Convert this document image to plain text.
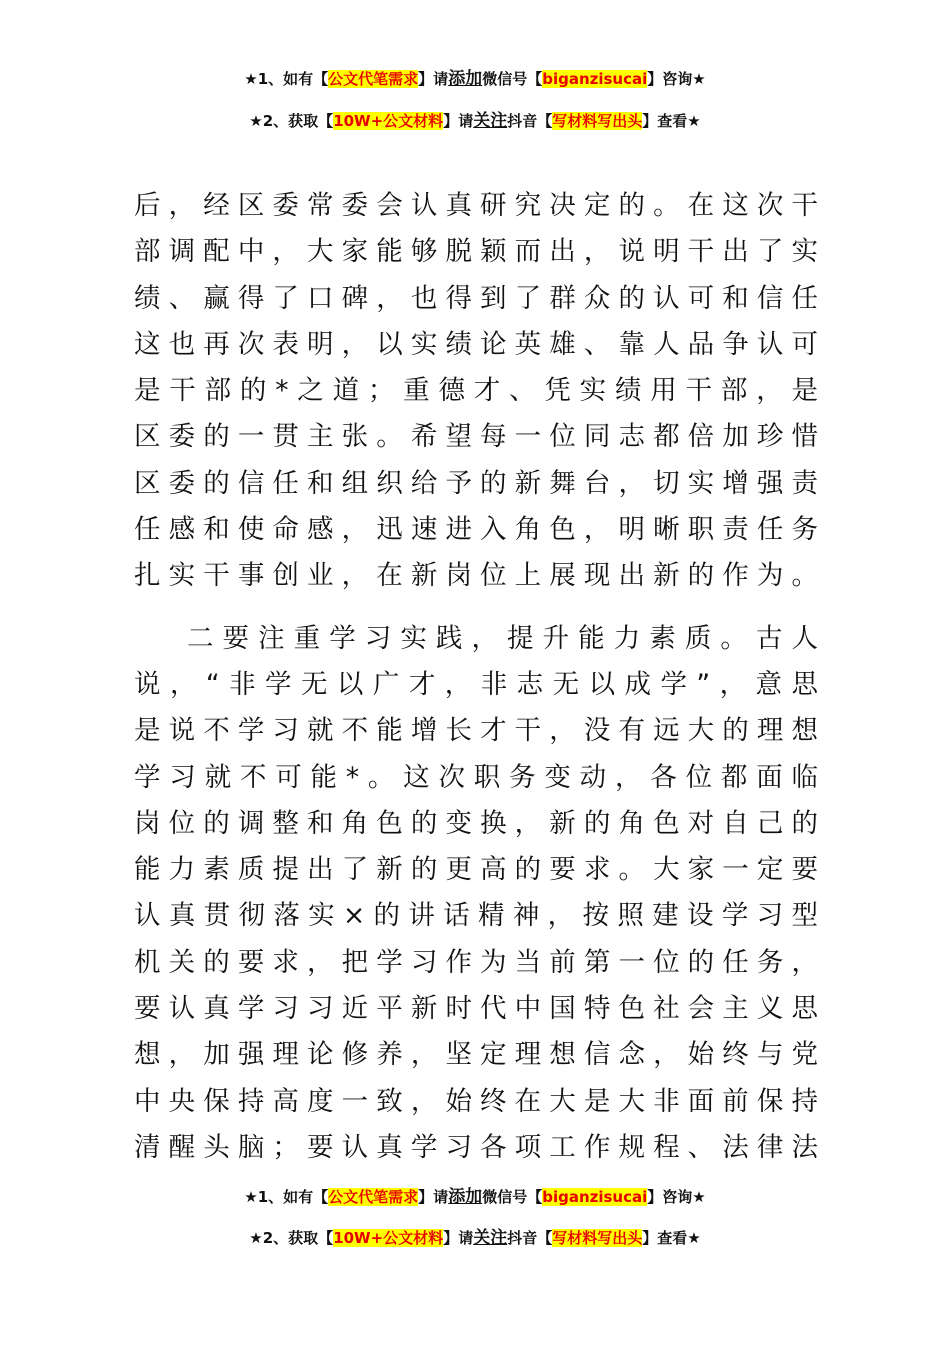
★1、如有【公文代笔需求】请添加微信号【biganzisucai】咨询★
★2、获取【10W+公文材料】请关注抖音【写材料写出头】查看★

后，经区委常委会认真研究决定的。在这次干

部调配中，大家能够脱颖而出，说明干出了实

绩、赢得了口碑，也得到了群众的认可和信任

这也再次表明，以实绩论英雄、靠人品争认可

是干部的*之道；重德才、凭实绩用干部，是

区委的一贯主张。希望每一位同志都倍加珍惜

区委的信任和组织给予的新舞台，切实增强责

任感和使命感，迅速进入角色，明晰职责任务

扎实干事创业，在新岗位上展现出新的作为。

二要注重学习实践，提升能力素质。古人

说，“非学无以广才，非志无以成学”，意思

是说不学习就不能增长才干，没有远大的理想

学习就不可能*。这次职务变动，各位都面临

岗位的调整和角色的变换，新的角色对自己的

能力素质提出了新的更高的要求。大家一定要

认真贯彻落实×的讲话精神，按照建设学习型

机关的要求，把学习作为当前第一位的任务，

要认真学习习近平新时代中国特色社会主义思

想，加强理论修养，坚定理想信念，始终与党

中央保持高度一致，始终在大是大非面前保持

清醒头脑；要认真学习各项工作规程、法律法

★1、如有【公文代笔需求】请添加微信号【biganzisucai】咨询★
★2、获取【10W+公文材料】请关注抖音【写材料写出头】查看★
